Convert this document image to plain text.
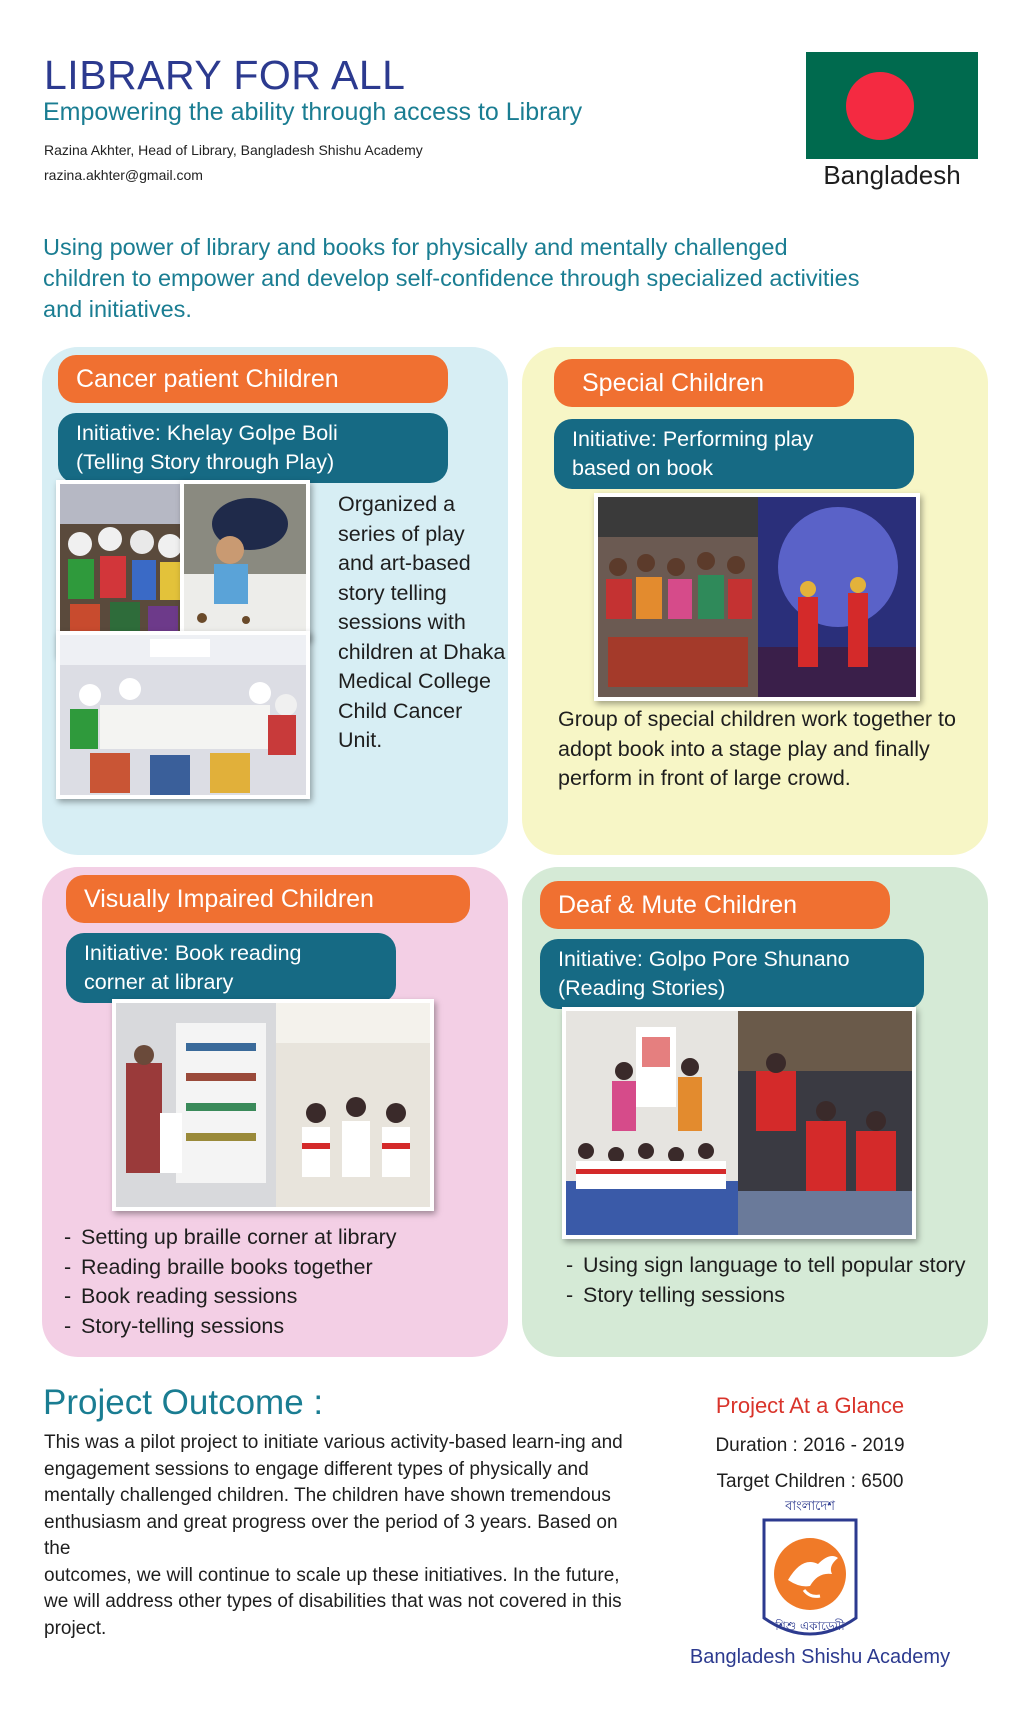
LIBRARY FOR ALL
Empowering the ability through access to Library
Razina Akhter, Head of Library, Bangladesh Shishu Academy
razina.akhter@gmail.com	Bangladesh
Using power of library and books for physically and mentally challenged children to empower and develop self-confidence through specialized activities and initiatives.
Cancer patient Children
Initiative: Khelay Golpe Boli
(Telling Story through Play)
Organized a series of play and art-based story telling sessions with children at Dhaka Medical College Child Cancer Unit.
Special Children
Initiative: Performing play
based on book
Group of special children work together to adopt book into a stage play and finally perform in front of large crowd.
Visually Impaired Children
Initiative: Book reading
corner at library
- Setting up braille corner at library
- Reading braille books together
- Book reading sessions
- Story-telling sessions
Deaf & Mute Children
Initiative: Golpo Pore Shunano
(Reading Stories)
- Using sign language to tell popular story
- Story telling sessions
Project Outcome :

This was a pilot project to initiate various activity-based learn-ing and engagement sessions to engage different types of physically and mentally challenged children. The children have shown tremendous enthusiasm and great progress over the period of 3 years. Based on the

outcomes, we will continue to scale up these initiatives. In the future, we will address other types of disabilities that was not covered in this project.

Project At a Glance
Duration : 2016 - 2019
Target Children : 6500
বাংলাদেশ
শিশু একাডেমী
Bangladesh Shishu Academy
